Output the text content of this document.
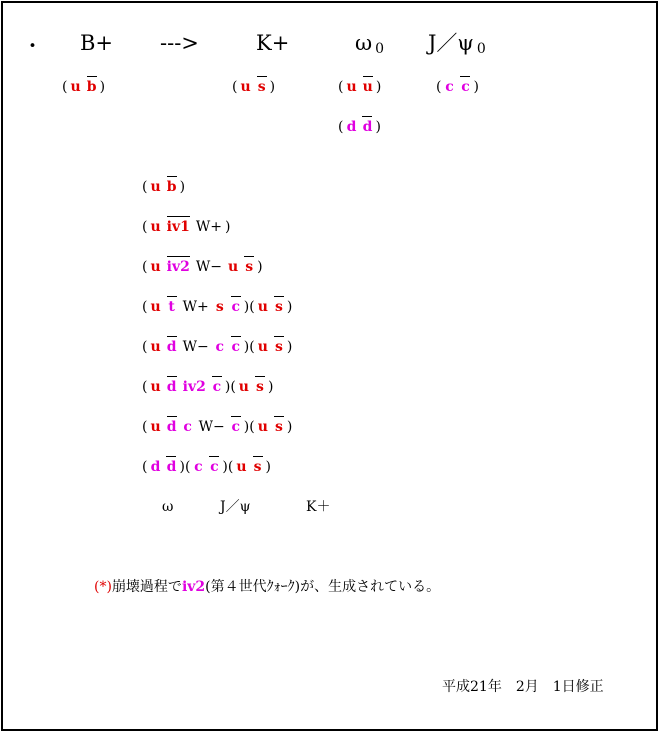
・ B+ --->	K+	ω 0 J／ψ 0
( u b )	( u s )	( u u )	( c c )
( d d )
( u b )
( u iv1 W+ )
( u iv2 W− u s )
( u t W+ s c )( u s )
( u d W− c c )( u s )
( u d iv2 c )( u s )
( u d c W− c )( u s )
( d d )( c c )( u s )
ω	J／ψ	K＋
(*)崩壊過程でiv2(第４世代ｸｫｰｸ)が、生成されている。
平成21年　2月　1日修正
